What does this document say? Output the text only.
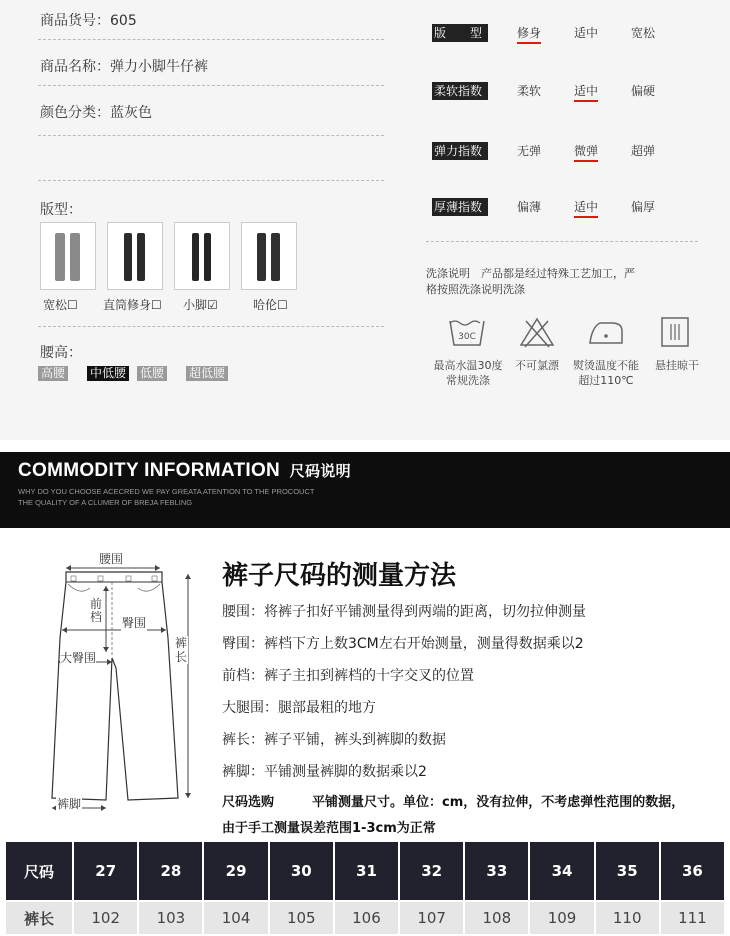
商品货号：605
商品名称：弹力小脚牛仔裤
颜色分类：蓝灰色
版型：
宽松☐ 直筒修身☐ 小脚☑	哈伦☐
腰高：
高腰 中低腰 低腰 超低腰
版　　型	修身	适中	宽松
柔软指数	柔软	适中	偏硬
弹力指数	无弹	微弹	超弹
厚薄指数	偏薄	适中	偏厚
洗涤说明　产品都是经过特殊工艺加工，严
格按照洗涤说明洗涤
30C
最高水温30度
常规洗涤
不可氯漂	熨烫温度不能
超过110℃
悬挂晾干
COMMODITY INFORMATION 尺码说明
WHY DO YOU CHOOSE ACECRED WE PAY GREATA ATENTION TO THE PROCOUCT
THE QUALITY OF A CLUMER OF BREJA FEBLING
腰围
前档 臀围
大臀围
裤长
裤脚
裤子尺码的测量方法
腰围：将裤子扣好平铺测量得到两端的距离，切勿拉伸测量
臀围：裤档下方上数3CM左右开始测量，测量得数据乘以2
前档：裤子主扣到裤档的十字交叉的位置
大腿围：腿部最粗的地方
裤长：裤子平铺，裤头到裤脚的数据
裤脚：平铺测量裤脚的数据乘以2
尺码选购	平铺测量尺寸。单位：cm，没有拉伸，不考虑弹性范围的数据，
由于手工测量误差范围1-3cm为正常
尺码	27	28	29	30	31	32	33	34	35	36
裤长	102	103	104	105	106	107	108	109	110	111
